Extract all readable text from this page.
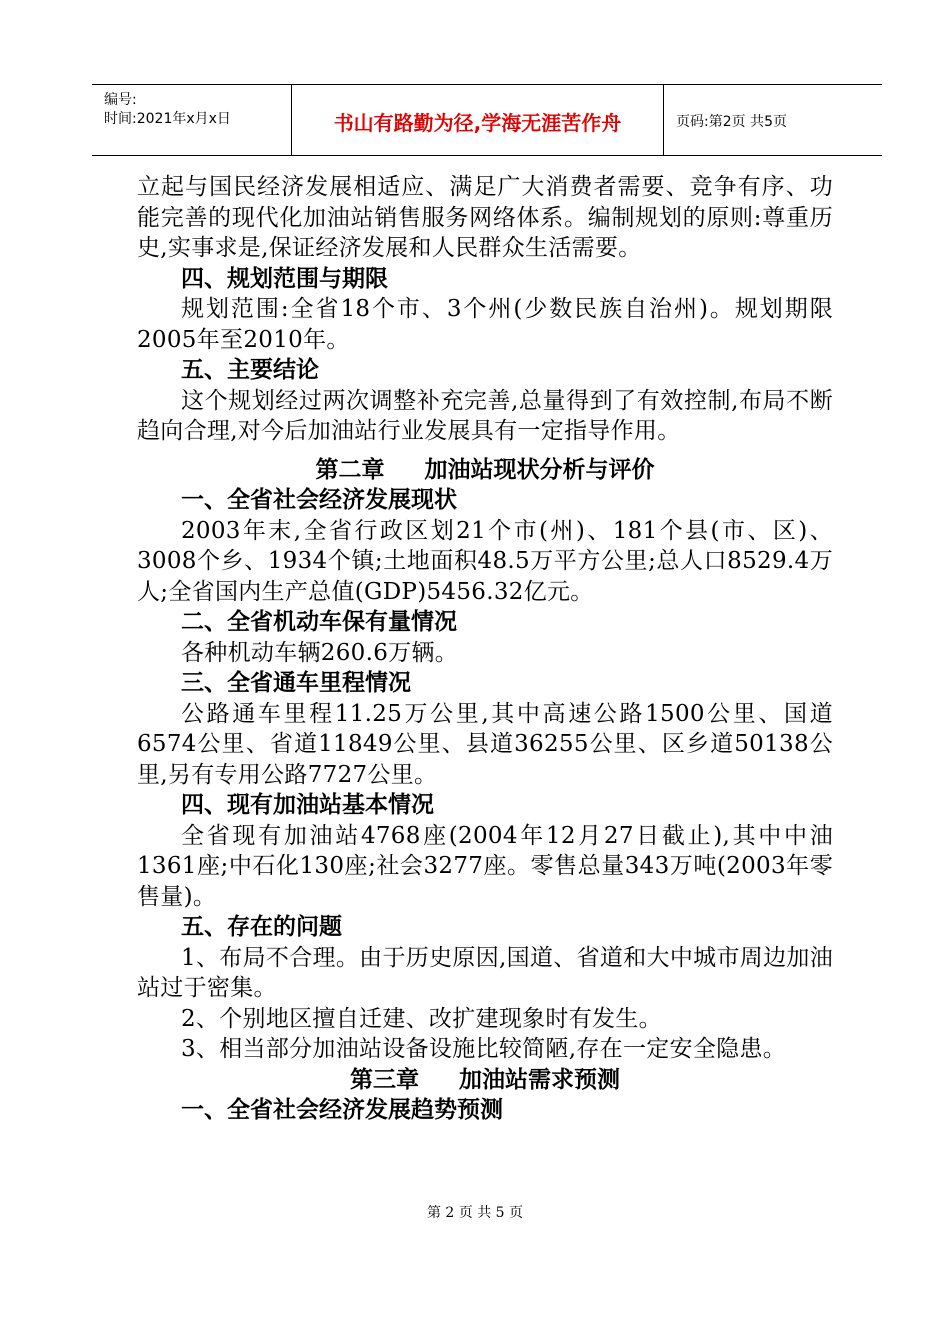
编号:
时间:2021年x月x日	书山有路勤为径,学海无涯苦作舟	页码:第2页 共5页

立起与国民经济发展相适应、满足广大消费者需要、竞争有序、功能完善的现代化加油站销售服务网络体系。编制规划的原则:尊重历史,实事求是,保证经济发展和人民群众生活需要。

四、规划范围与期限

规划范围:全省18个市、3个州(少数民族自治州)。规划期限2005年至2010年。

五、主要结论

这个规划经过两次调整补充完善,总量得到了有效控制,布局不断趋向合理,对今后加油站行业发展具有一定指导作用。

第二章 加油站现状分析与评价
一、全省社会经济发展现状

2003年末,全省行政区划21个市(州)、181个县(市、区)、3008个乡、1934个镇;土地面积48.5万平方公里;总人口8529.4万人;全省国内生产总值(GDP)5456.32亿元。

二、全省机动车保有量情况

各种机动车辆260.6万辆。

三、全省通车里程情况

公路通车里程11.25万公里,其中高速公路1500公里、国道6574公里、省道11849公里、县道36255公里、区乡道50138公里,另有专用公路7727公里。

四、现有加油站基本情况

全省现有加油站4768座(2004年12月27日截止),其中中油1361座;中石化130座;社会3277座。零售总量343万吨(2003年零售量)。

五、存在的问题

1、布局不合理。由于历史原因,国道、省道和大中城市周边加油站过于密集。

2、个别地区擅自迁建、改扩建现象时有发生。

3、相当部分加油站设备设施比较简陋,存在一定安全隐患。

第三章 加油站需求预测
一、全省社会经济发展趋势预测
第 2 页 共 5 页
